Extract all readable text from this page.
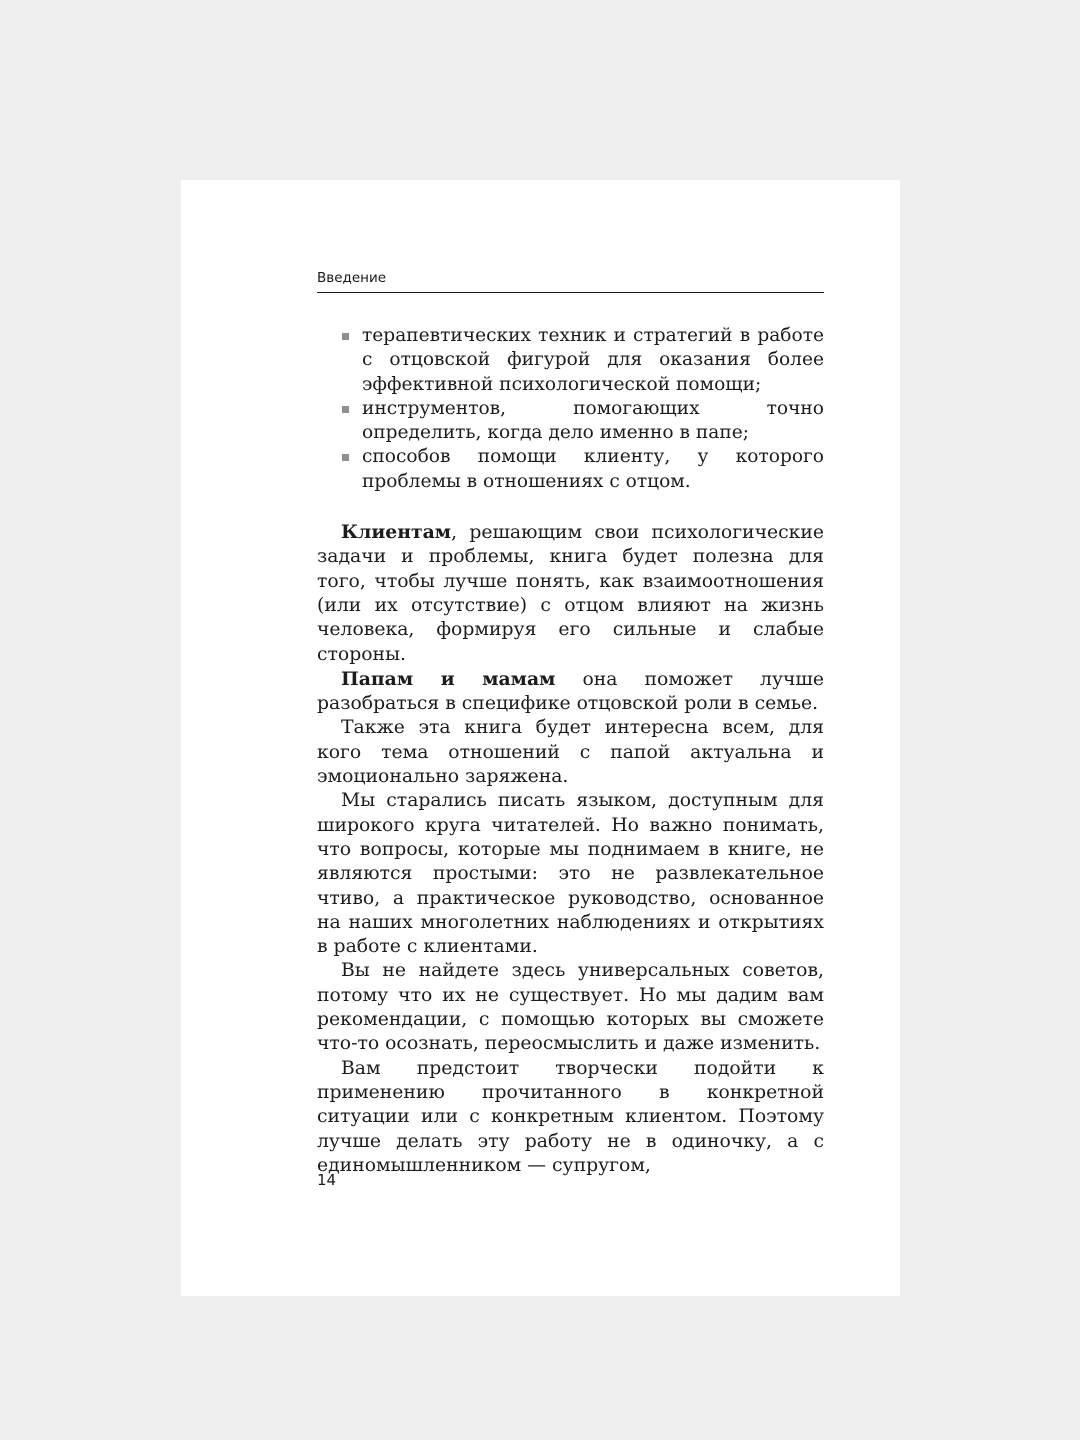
Введение
терапевтических техник и стратегий в работе с отцовской фигурой для оказания более эффективной психологической помощи;
инструментов, помогающих точно определить, когда дело именно в папе;
способов помощи клиенту, у которого проблемы в отношениях с отцом.

Клиентам, решающим свои психологические задачи и проблемы, книга будет полезна для того, чтобы лучше понять, как взаимоотношения (или их отсутствие) с отцом влияют на жизнь человека, формируя его сильные и слабые стороны.

Папам и мамам она поможет лучше разобраться в специфике отцовской роли в семье.

Также эта книга будет интересна всем, для кого тема отношений с папой актуальна и эмоционально заряжена.

Мы старались писать языком, доступным для широкого круга читателей. Но важно понимать, что вопросы, которые мы поднимаем в книге, не являются простыми: это не развлекательное чтиво, а практическое руководство, основанное на наших многолетних наблюдениях и открытиях в работе с клиентами.

Вы не найдете здесь универсальных советов, потому что их не существует. Но мы дадим вам рекомендации, с помощью которых вы сможете что-то осознать, переосмыслить и даже изменить.

Вам предстоит творчески подойти к применению прочитанного в конкретной ситуации или с конкретным клиентом. Поэтому лучше делать эту работу не в одиночку, а с единомышленником — супругом,

14
